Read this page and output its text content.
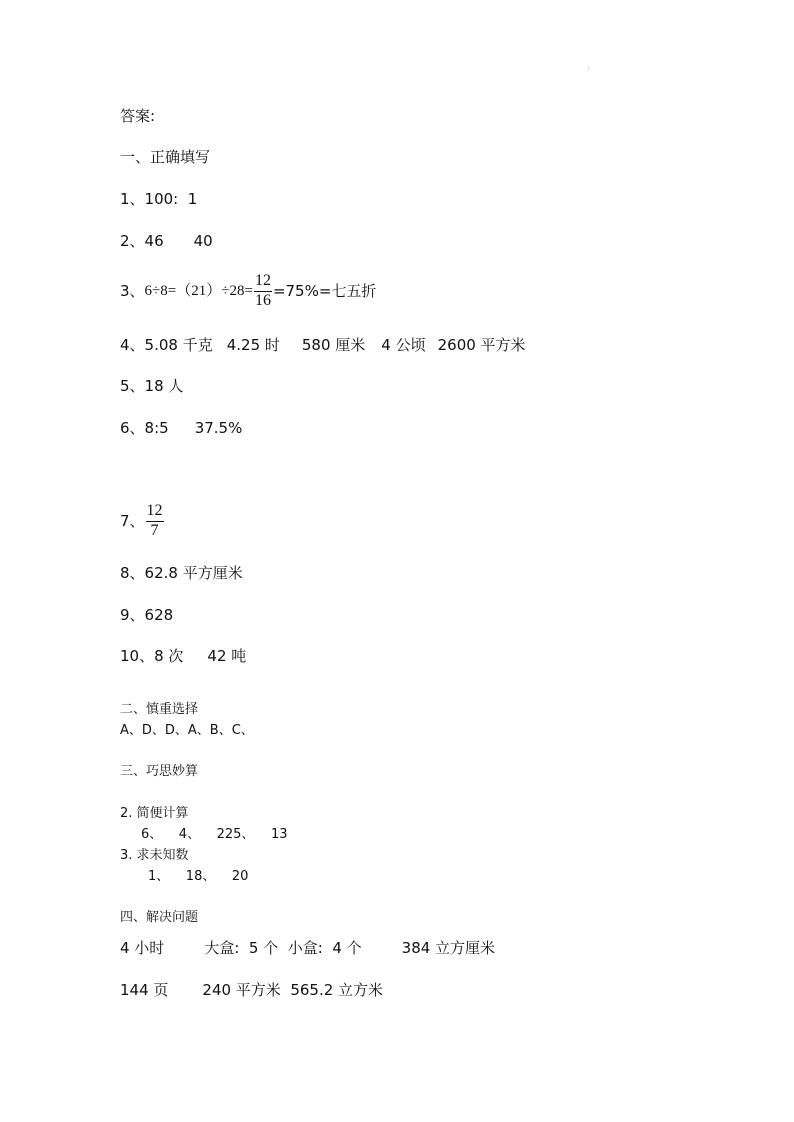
答案:
一、正确填写
1、100:  1
2、46 40
3、 $6\div 8=(21)\div 28= \frac{12}{16} =75\%=$七五折
4、5.08 千克 4.25 时 580 厘米 4 公顷 2600 平方米
5、18 人
6、8:5 37.5%
7、 $\frac{12}{7}$
8、62.8 平方厘米
9、628
10、8 次 42 吨
二、慎重选择
A、D、D、A、B、C、
三、巧思妙算
2. 简便计算
6、    4、    225、    13
3. 求未知数
1、    18、    20
四、解决问题
4 小时	大盒:  5 个  小盒:  4 个	384 立方厘米
144 页 240 平方米  565.2 立方米
